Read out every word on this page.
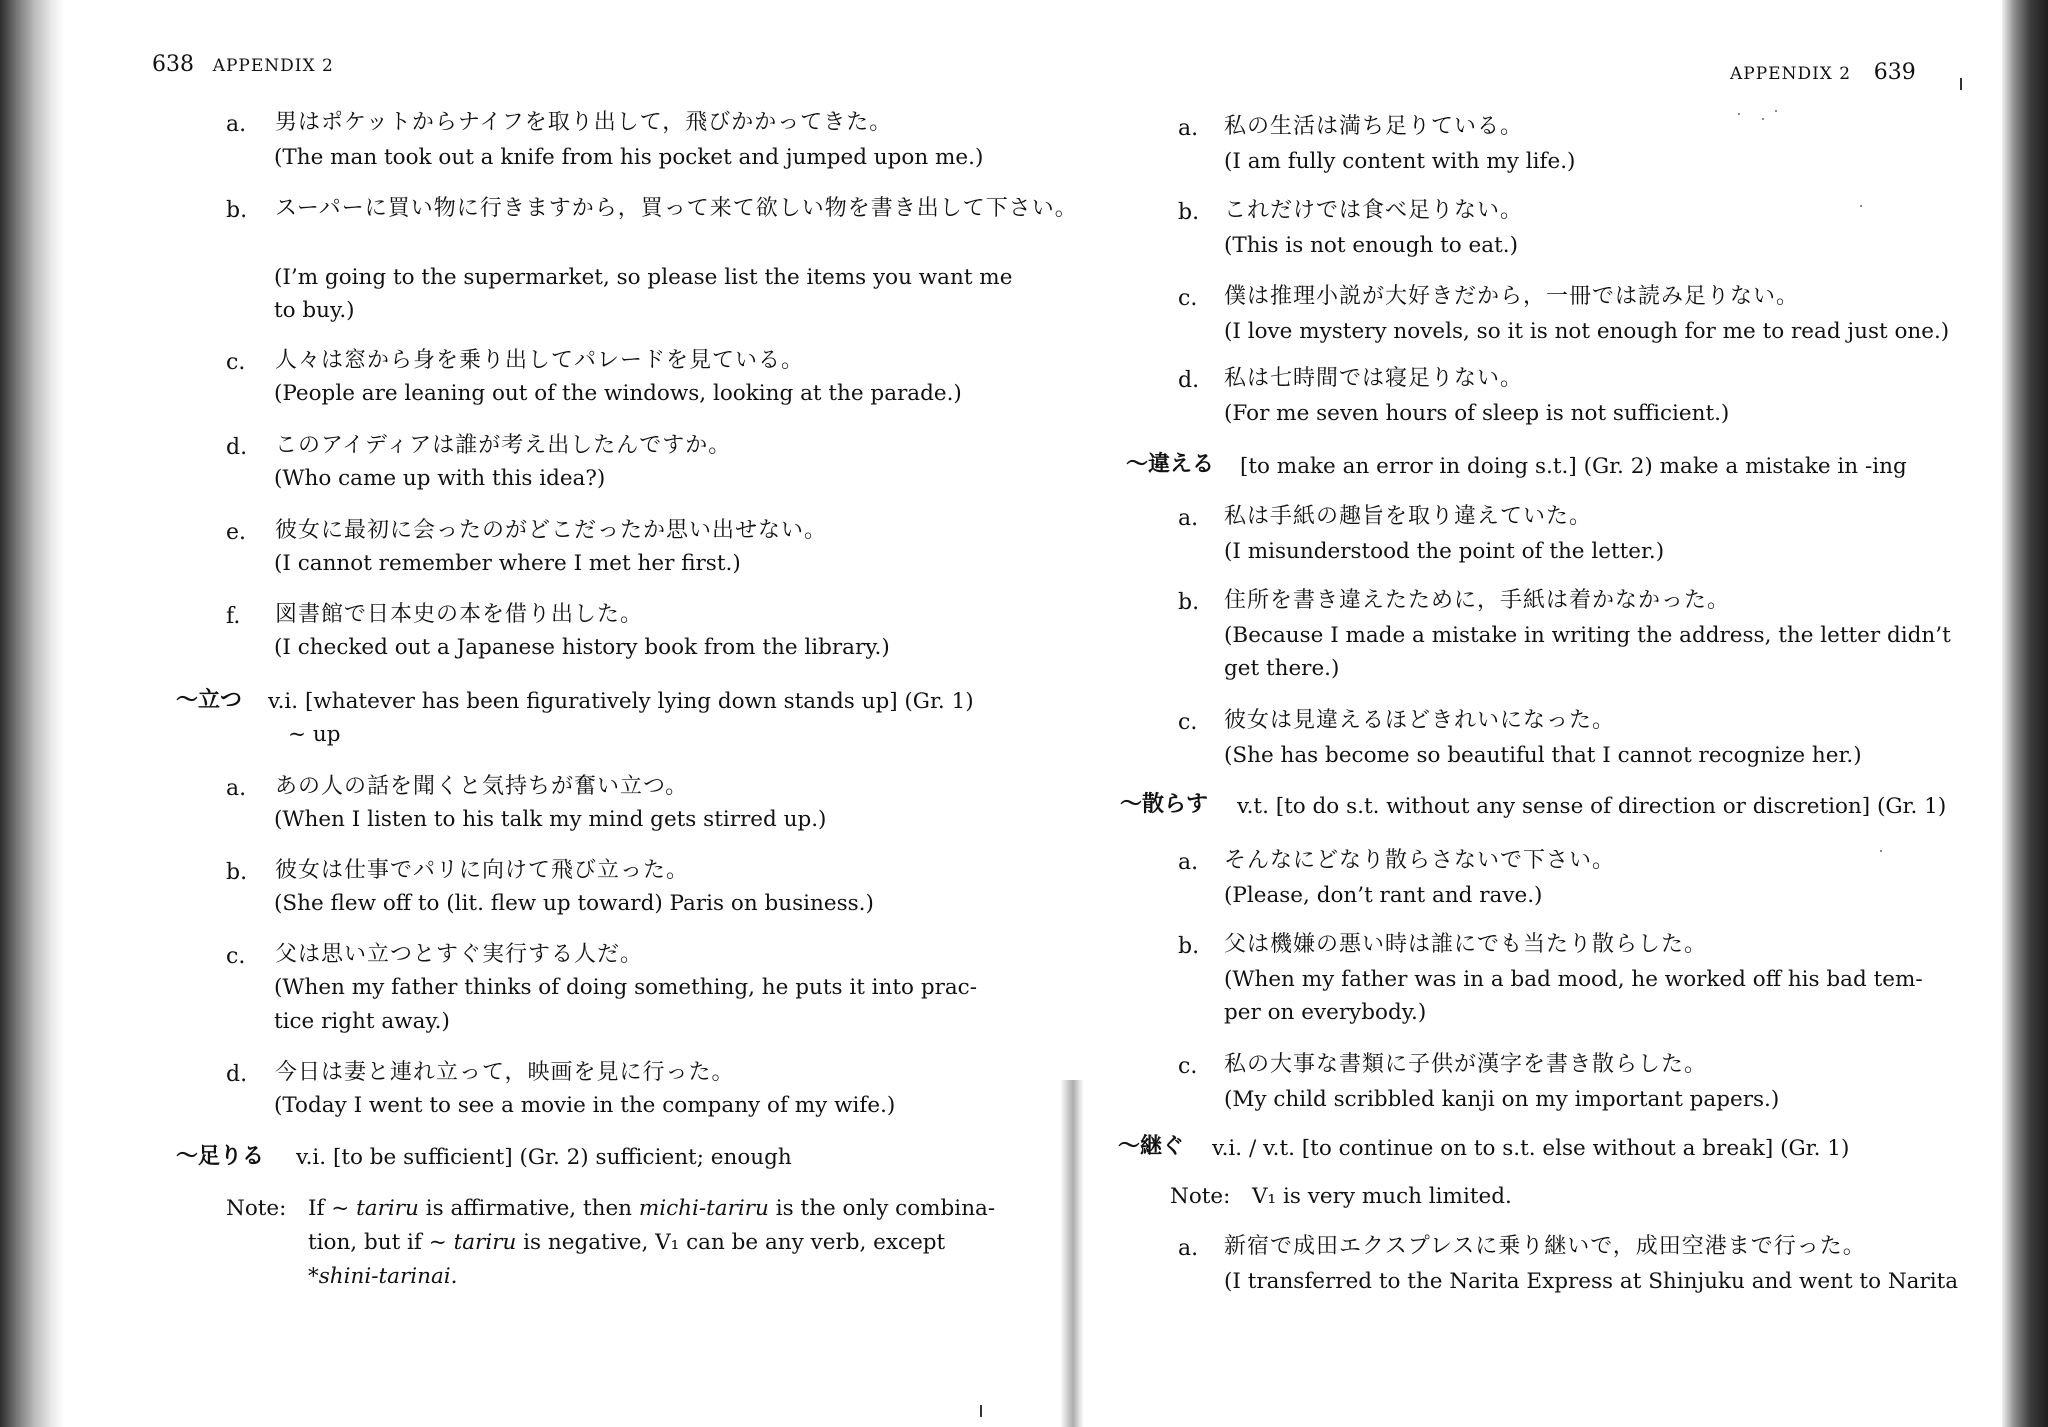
638 APPENDIX 2
a. 男はポケットからナイフを取り出して，飛びかかってきた。
(The man took out a knife from his pocket and jumped upon me.)
b. スーパーに買い物に行きますから，買って来て欲しい物を書き出して下さい。
(I’m going to the supermarket, so please list the items you want me
to buy.)
c. 人々は窓から身を乗り出してパレードを見ている。
(People are leaning out of the windows, looking at the parade.)
d. このアイディアは誰が考え出したんですか。
(Who came up with this idea?)
e. 彼女に最初に会ったのがどこだったか思い出せない。
(I cannot remember where I met her first.)
f. 図書館で日本史の本を借り出した。
(I checked out a Japanese history book from the library.)
〜立つ v.i. [whatever has been figuratively lying down stands up] (Gr. 1)
~ up
a. あの人の話を聞くと気持ちが奮い立つ。
(When I listen to his talk my mind gets stirred up.)
b. 彼女は仕事でパリに向けて飛び立った。
(She flew off to (lit. flew up toward) Paris on business.)
c. 父は思い立つとすぐ実行する人だ。
(When my father thinks of doing something, he puts it into prac-
tice right away.)
d. 今日は妻と連れ立って，映画を見に行った。
(Today I went to see a movie in the company of my wife.)
〜足りる v.i. [to be sufficient] (Gr. 2) sufficient; enough
Note: If ~ tariru is affirmative, then michi-tariru is the only combina-
tion, but if ~ tariru is negative, V₁ can be any verb, except
*shini-tarinai.
APPENDIX 2 639
a. 私の生活は満ち足りている。
(I am fully content with my life.)
b. これだけでは食べ足りない。
(This is not enough to eat.)
c. 僕は推理小説が大好きだから，一冊では読み足りない。
(I love mystery novels, so it is not enough for me to read just one.)
d. 私は七時間では寝足りない。
(For me seven hours of sleep is not sufficient.)
〜違える [to make an error in doing s.t.] (Gr. 2) make a mistake in -ing
a. 私は手紙の趣旨を取り違えていた。
(I misunderstood the point of the letter.)
b. 住所を書き違えたために，手紙は着かなかった。
(Because I made a mistake in writing the address, the letter didn’t
get there.)
c. 彼女は見違えるほどきれいになった。
(She has become so beautiful that I cannot recognize her.)
〜散らす v.t. [to do s.t. without any sense of direction or discretion] (Gr. 1)
a. そんなにどなり散らさないで下さい。
(Please, don’t rant and rave.)
b. 父は機嫌の悪い時は誰にでも当たり散らした。
(When my father was in a bad mood, he worked off his bad tem-
per on everybody.)
c. 私の大事な書類に子供が漢字を書き散らした。
(My child scribbled kanji on my important papers.)
〜継ぐ v.i. / v.t. [to continue on to s.t. else without a break] (Gr. 1)
Note: V₁ is very much limited.
a. 新宿で成田エクスプレスに乗り継いで，成田空港まで行った。
(I transferred to the Narita Express at Shinjuku and went to Narita
